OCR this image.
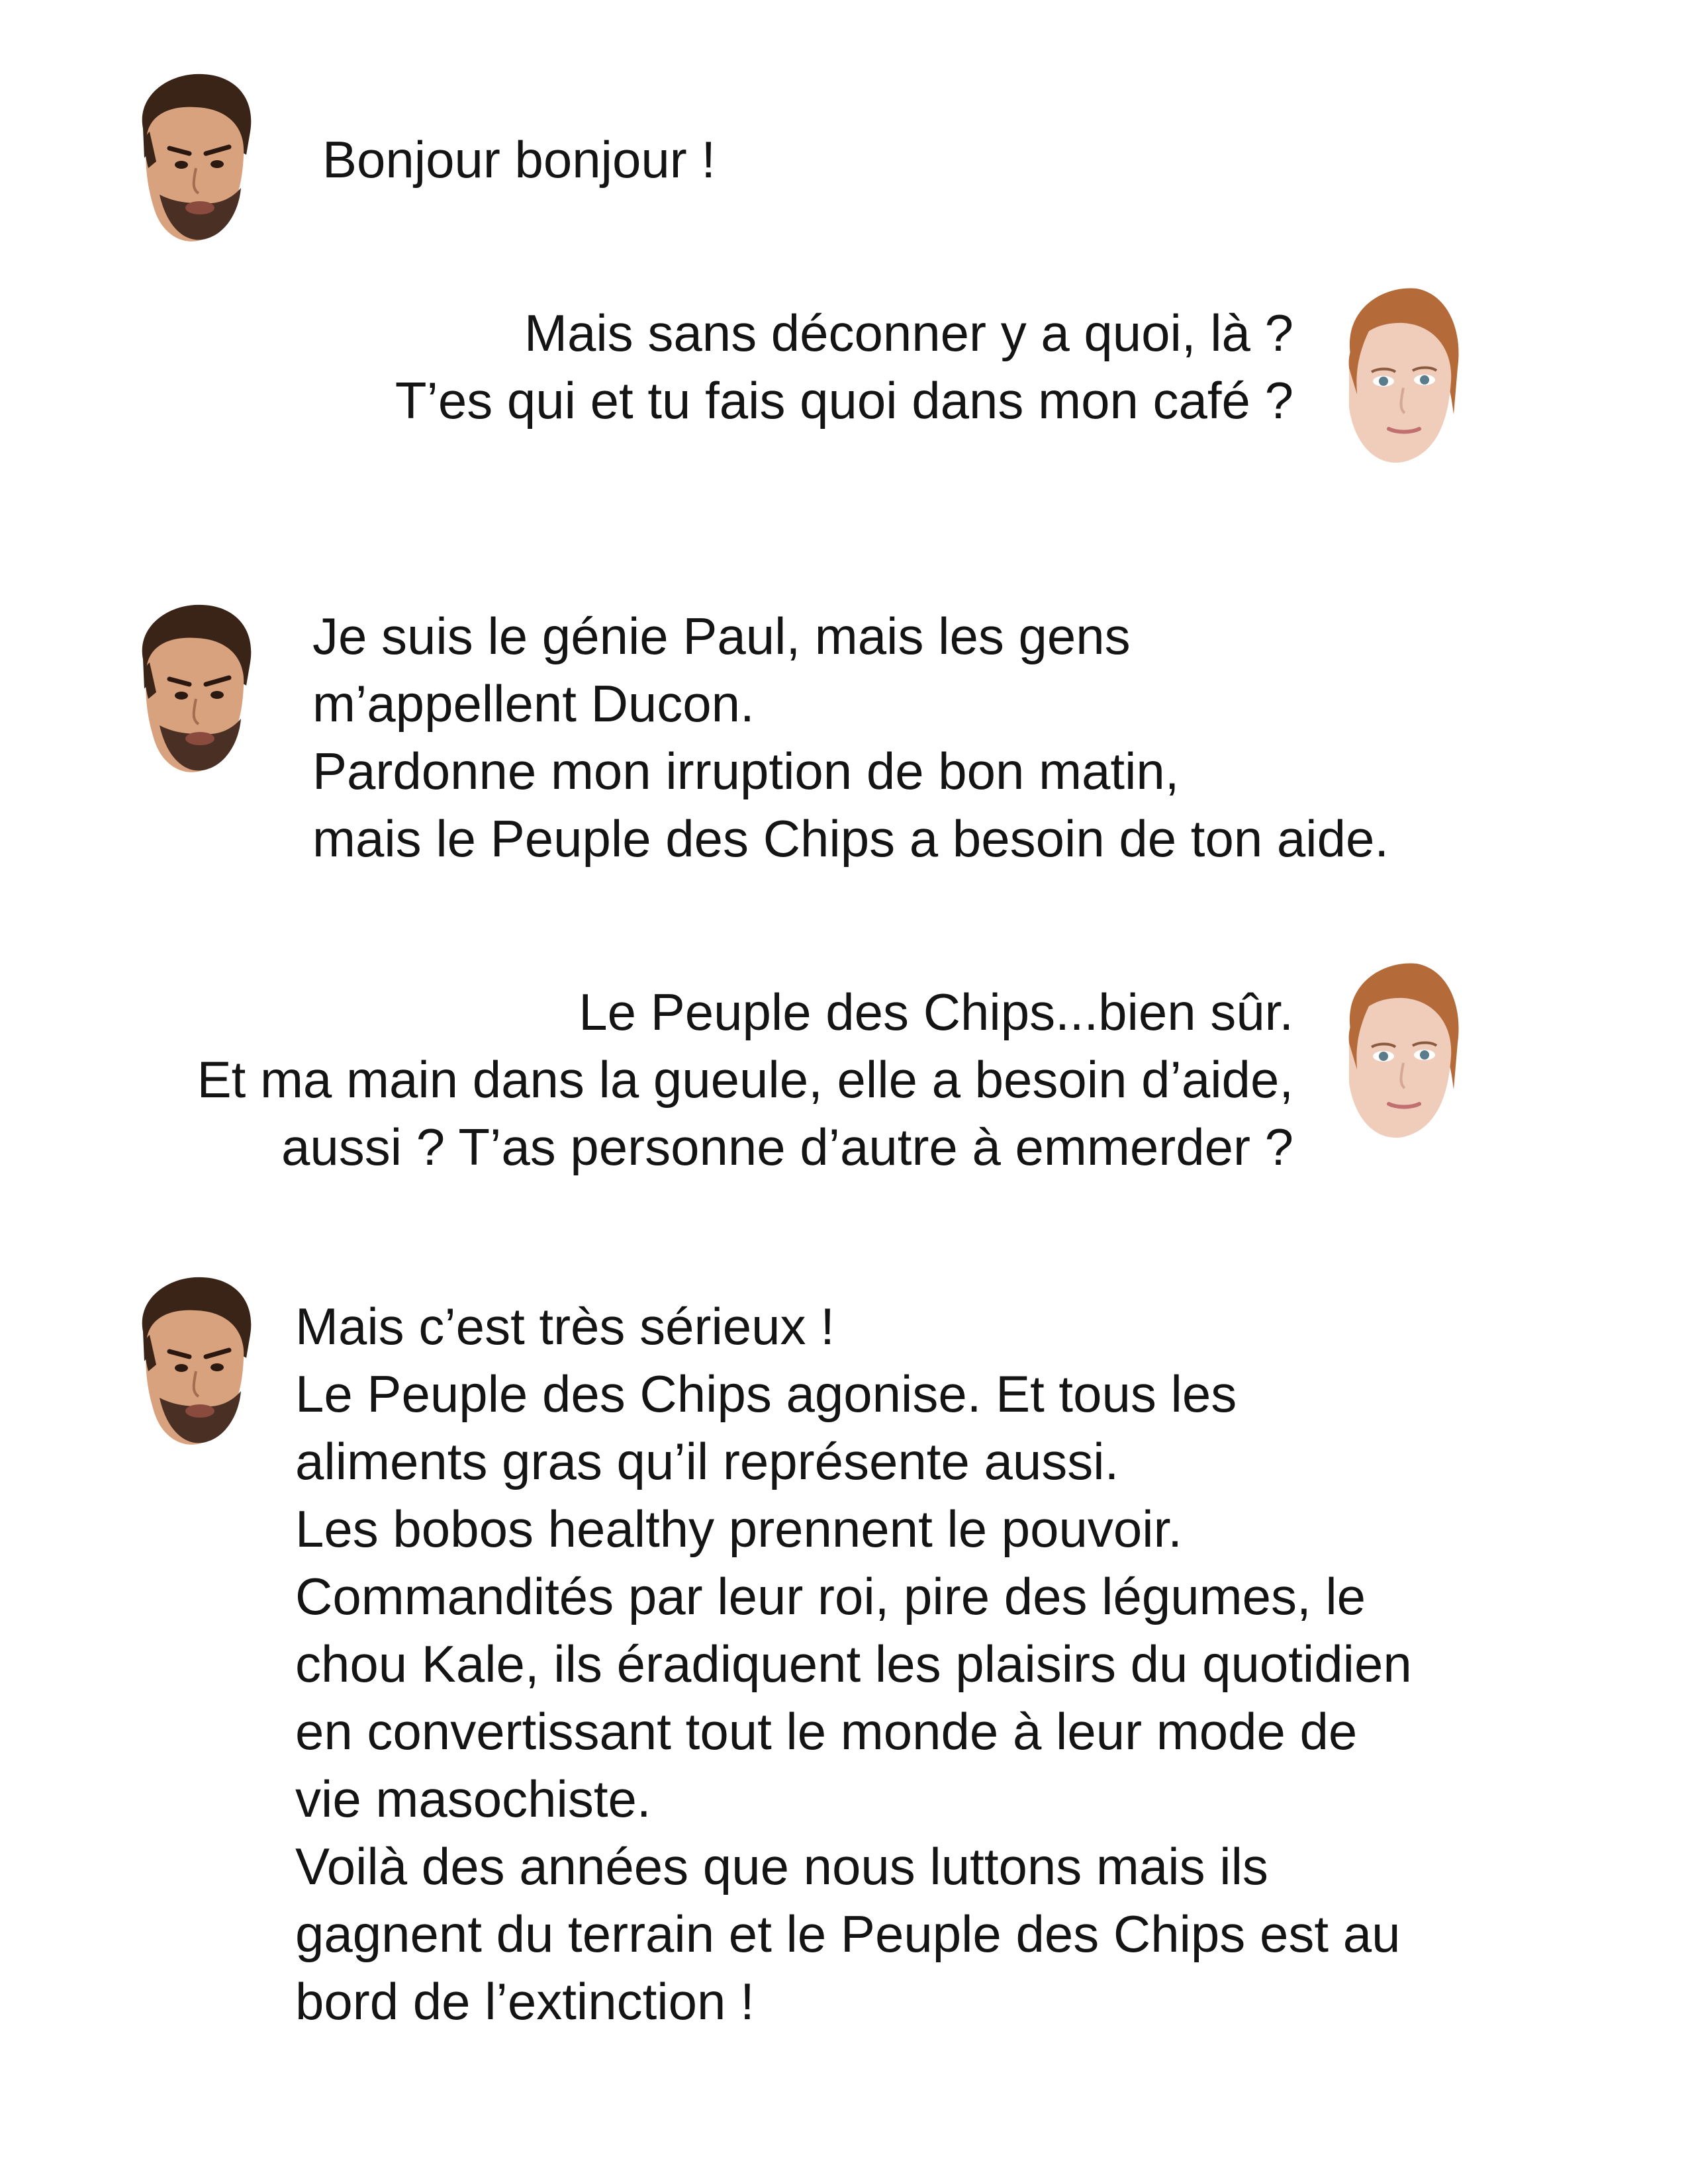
Bonjour bonjour !
Mais sans déconner y a quoi, là ?
T’es qui et tu fais quoi dans mon café ?
Je suis le génie Paul, mais les gens
m’appellent Ducon.
Pardonne mon irruption de bon matin,
mais le Peuple des Chips a besoin de ton aide.
Le Peuple des Chips...bien sûr.
Et ma main dans la gueule, elle a besoin d’aide,
aussi ? T’as personne d’autre à emmerder ?
Mais c’est très sérieux !
Le Peuple des Chips agonise. Et tous les
aliments gras qu’il représente aussi.
Les bobos healthy prennent le pouvoir.
Commandités par leur roi, pire des légumes, le
chou Kale, ils éradiquent les plaisirs du quotidien
en convertissant tout le monde à leur mode de
vie masochiste.
Voilà des années que nous luttons mais ils
gagnent du terrain et le Peuple des Chips est au
bord de l’extinction !
